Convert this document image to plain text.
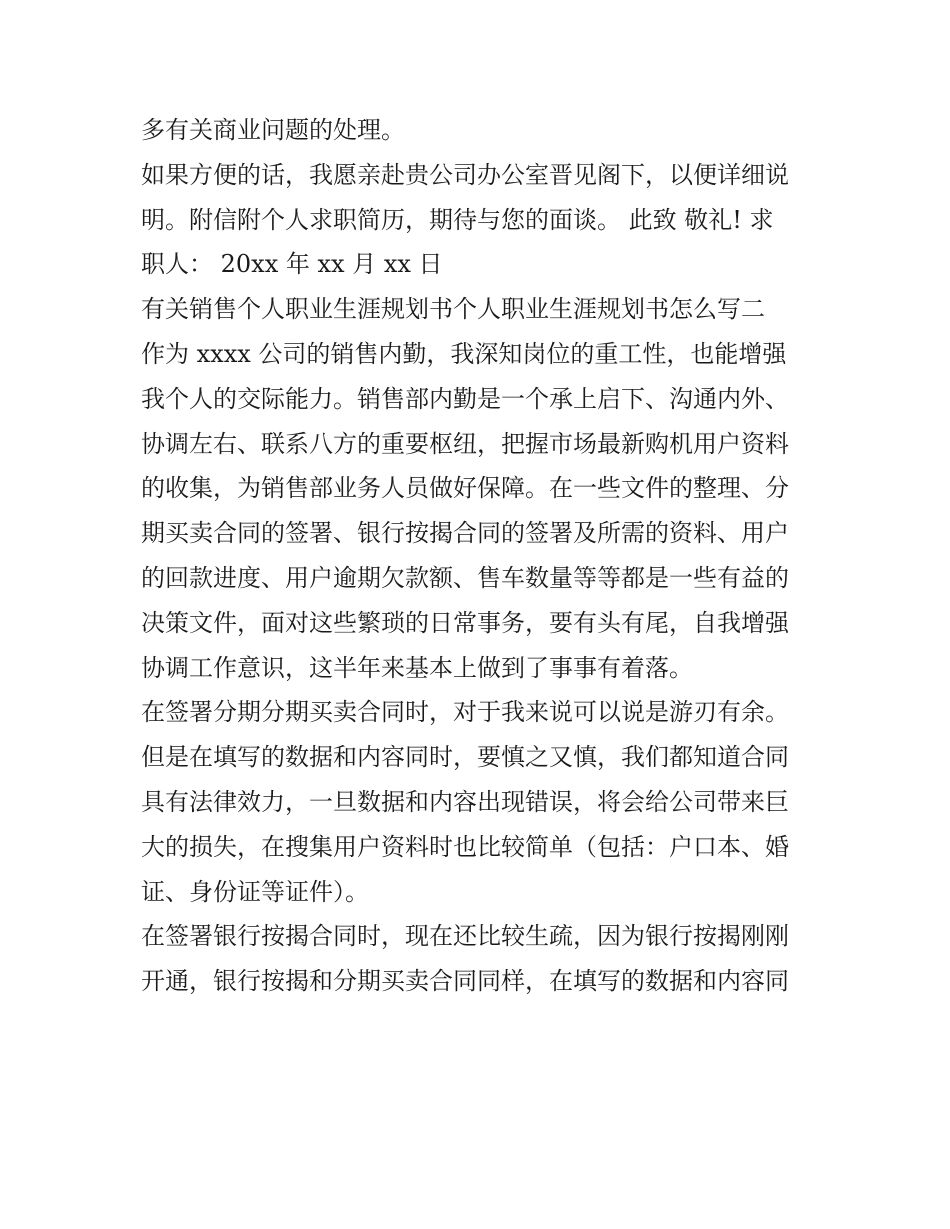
多有关商业问题的处理。
如果方便的话，我愿亲赴贵公司办公室晋见阁下，以便详细说
明。附信附个人求职简历，期待与您的面谈。 此致 敬礼! 求
职人： 20xx 年 xx 月 xx 日
有关销售个人职业生涯规划书个人职业生涯规划书怎么写二
作为 xxxx 公司的销售内勤，我深知岗位的重工性，也能增强
我个人的交际能力。销售部内勤是一个承上启下、沟通内外、
协调左右、联系八方的重要枢纽，把握市场最新购机用户资料
的收集，为销售部业务人员做好保障。在一些文件的整理、分
期买卖合同的签署、银行按揭合同的签署及所需的资料、用户
的回款进度、用户逾期欠款额、售车数量等等都是一些有益的
决策文件，面对这些繁琐的日常事务，要有头有尾，自我增强
协调工作意识，这半年来基本上做到了事事有着落。
在签署分期分期买卖合同时，对于我来说可以说是游刃有余。
但是在填写的数据和内容同时，要慎之又慎，我们都知道合同
具有法律效力，一旦数据和内容出现错误，将会给公司带来巨
大的损失，在搜集用户资料时也比较简单（包括：户口本、婚
证、身份证等证件）。
在签署银行按揭合同时，现在还比较生疏，因为银行按揭刚刚
开通，银行按揭和分期买卖合同同样，在填写的数据和内容同
